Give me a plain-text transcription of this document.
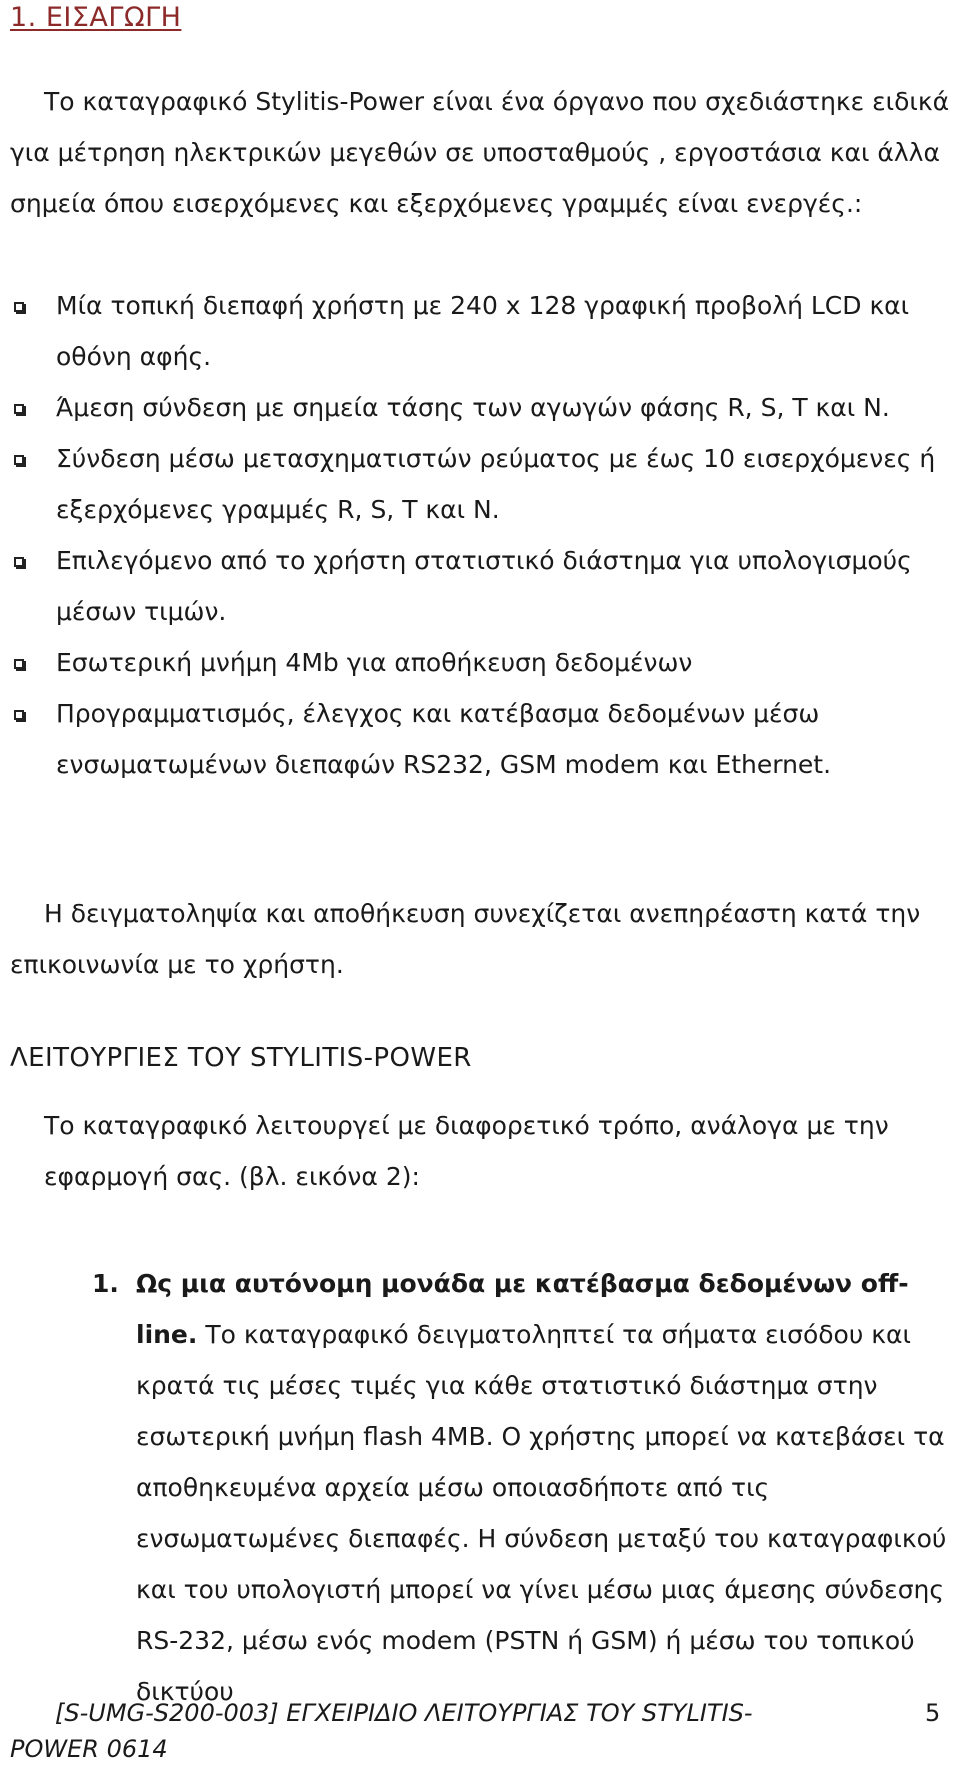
1. ΕΙΣΑΓΩΓΗ

Το καταγραφικό Stylitis-Power είναι ένα όργανο που σχεδιάστηκε ειδικά για μέτρηση ηλεκτρικών μεγεθών σε υποσταθμούς , εργοστάσια και άλλα σημεία όπου εισερχόμενες και εξερχόμενες γραμμές είναι ενεργές.:

Μία τοπική διεπαφή χρήστη με 240 x 128 γραφική προβολή LCD και οθόνη αφής.
Άμεση σύνδεση με σημεία τάσης των αγωγών φάσης R, S, T και N.
Σύνδεση μέσω μετασχηματιστών ρεύματος με έως 10 εισερχόμενες ή εξερχόμενες γραμμές R, S, T και N.
Επιλεγόμενο από το χρήστη στατιστικό διάστημα για υπολογισμούς μέσων τιμών.
Εσωτερική μνήμη 4Mb για αποθήκευση δεδομένων
Προγραμματισμός, έλεγχος και κατέβασμα δεδομένων μέσω ενσωματωμένων διεπαφών RS232, GSM modem και Ethernet.

Η δειγματοληψία και αποθήκευση συνεχίζεται ανεπηρέαστη κατά την επικοινωνία με το χρήστη.

ΛΕΙΤΟΥΡΓΙΕΣ ΤΟΥ STYLITIS-POWER

Το καταγραφικό λειτουργεί με διαφορετικό τρόπο, ανάλογα με την εφαρμογή σας. (βλ. εικόνα 2):

1. Ως μια αυτόνομη μονάδα με κατέβασμα δεδομένων off-line. Το καταγραφικό δειγματοληπτεί τα σήματα εισόδου και κρατά τις μέσες τιμές για κάθε στατιστικό διάστημα στην εσωτερική μνήμη flash 4MB. Ο χρήστης μπορεί να κατεβάσει τα αποθηκευμένα αρχεία μέσω οποιασδήποτε από τις ενσωματωμένες διεπαφές. Η σύνδεση μεταξύ του καταγραφικού και του υπολογιστή μπορεί να γίνει μέσω μιας άμεσης σύνδεσης RS-232, μέσω ενός modem (PSTN ή GSM) ή μέσω του τοπικού δικτύου
[S-UMG-S200-003] ΕΓΧΕΙΡΙΔΙΟ ΛΕΙΤΟΥΡΓΙΑΣ ΤΟΥ STYLITIS-
POWER 0614
5
